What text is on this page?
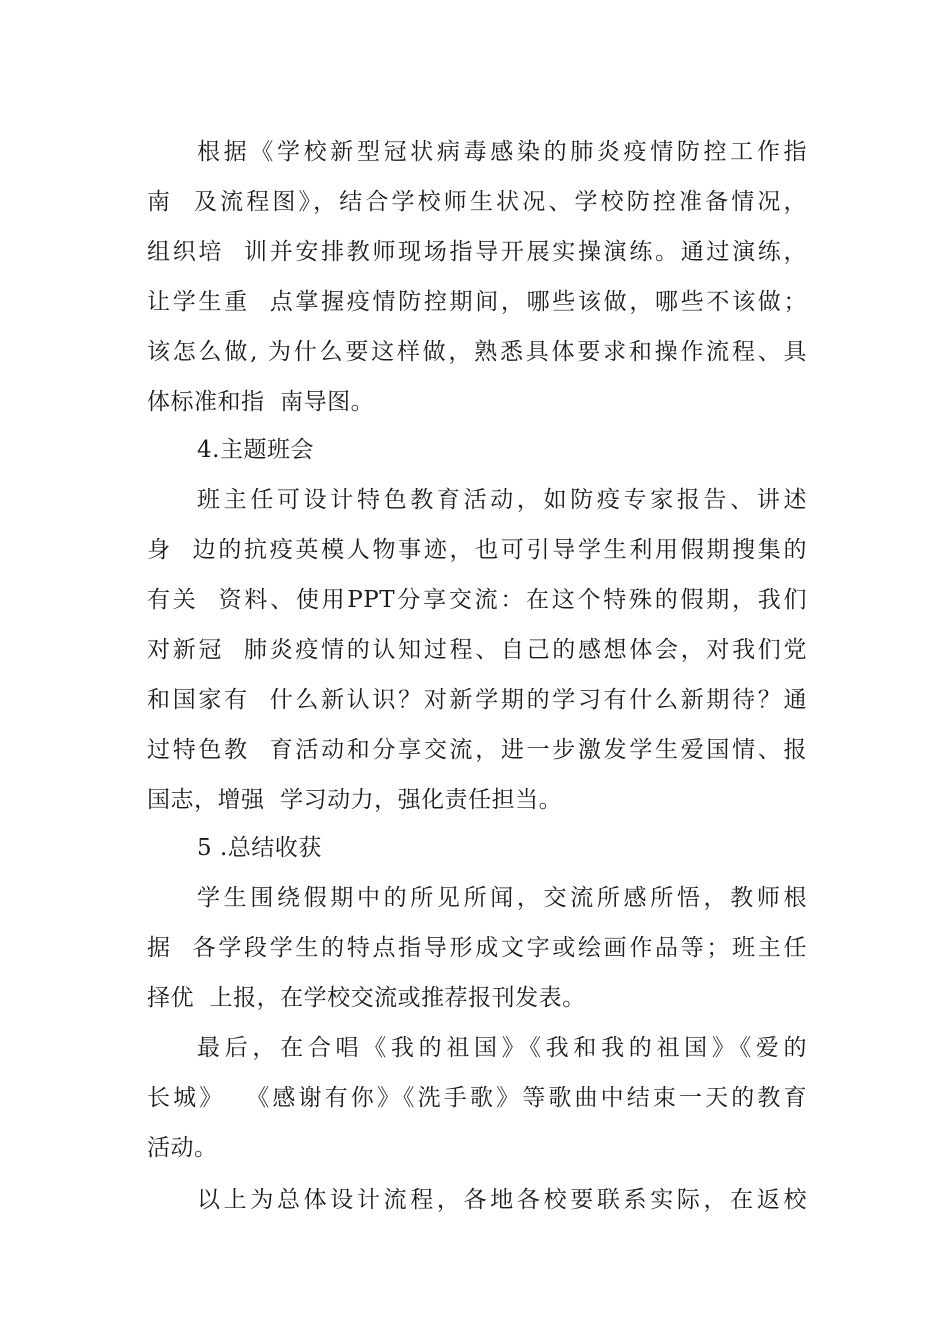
根据《学校新型冠状病毒感染的肺炎疫情防控工作指
南  及流程图》，结合学校师生状况、学校防控准备情况，
组织培  训并安排教师现场指导开展实操演练。通过演练，
让学生重  点掌握疫情防控期间，哪些该做，哪些不该做；
该怎么做, 为什么要这样做，熟悉具体要求和操作流程、具
体标准和指  南导图。
4.主题班会
班主任可设计特色教育活动，如防疫专家报告、讲述
身  边的抗疫英模人物事迹，也可引导学生利用假期搜集的
有关  资料、使用PPT分享交流：在这个特殊的假期，我们
对新冠  肺炎疫情的认知过程、自己的感想体会，对我们党
和国家有  什么新认识？对新学期的学习有什么新期待？通
过特色教  育活动和分享交流，进一步激发学生爱国情、报
国志，增强  学习动力，强化责任担当。
5 .总结收获
学生围绕假期中的所见所闻，交流所感所悟，教师根
据  各学段学生的特点指导形成文字或绘画作品等；班主任
择优  上报，在学校交流或推荐报刊发表。
最后，在合唱《我的祖国》《我和我的祖国》《爱的
长城》  《感谢有你》《洗手歌》等歌曲中结束一天的教育
活动。
以上为总体设计流程，各地各校要联系实际，在返校
